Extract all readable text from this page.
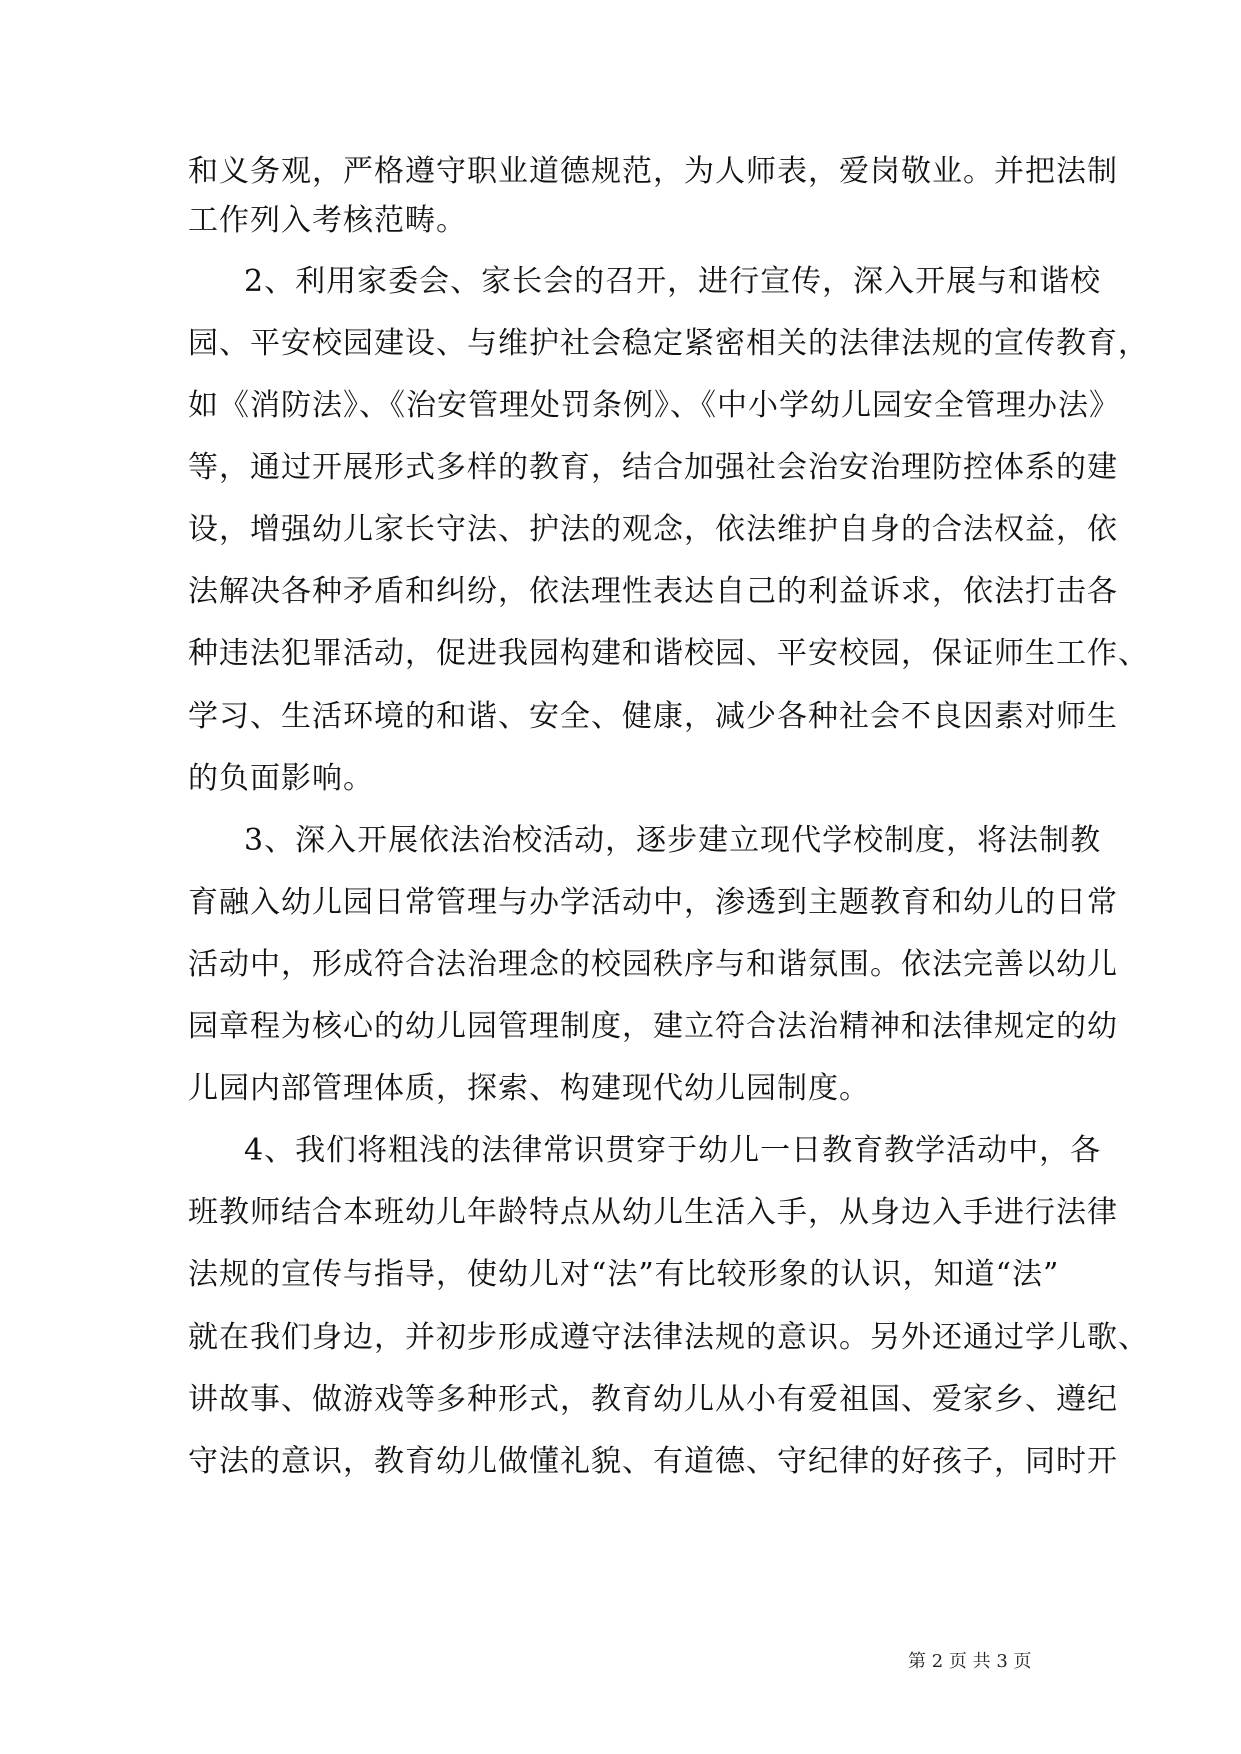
和义务观，严格遵守职业道德规范，为人师表，爱岗敬业。并把法制
工作列入考核范畴。
2、利用家委会、家长会的召开，进行宣传，深入开展与和谐校
园、平安校园建设、与维护社会稳定紧密相关的法律法规的宣传教育，
如《消防法》、《治安管理处罚条例》、《中小学幼儿园安全管理办法》
等，通过开展形式多样的教育，结合加强社会治安治理防控体系的建
设，增强幼儿家长守法、护法的观念，依法维护自身的合法权益，依
法解决各种矛盾和纠纷，依法理性表达自己的利益诉求，依法打击各
种违法犯罪活动，促进我园构建和谐校园、平安校园，保证师生工作、
学习、生活环境的和谐、安全、健康，减少各种社会不良因素对师生
的负面影响。
3、深入开展依法治校活动，逐步建立现代学校制度，将法制教
育融入幼儿园日常管理与办学活动中，渗透到主题教育和幼儿的日常
活动中，形成符合法治理念的校园秩序与和谐氛围。依法完善以幼儿
园章程为核心的幼儿园管理制度，建立符合法治精神和法律规定的幼
儿园内部管理体质，探索、构建现代幼儿园制度。
4、我们将粗浅的法律常识贯穿于幼儿一日教育教学活动中，各
班教师结合本班幼儿年龄特点从幼儿生活入手，从身边入手进行法律
法规的宣传与指导，使幼儿对“法”有比较形象的认识，知道“法”
就在我们身边，并初步形成遵守法律法规的意识。另外还通过学儿歌、
讲故事、做游戏等多种形式，教育幼儿从小有爱祖国、爱家乡、遵纪
守法的意识，教育幼儿做懂礼貌、有道德、守纪律的好孩子，同时开
第 2 页 共 3 页
